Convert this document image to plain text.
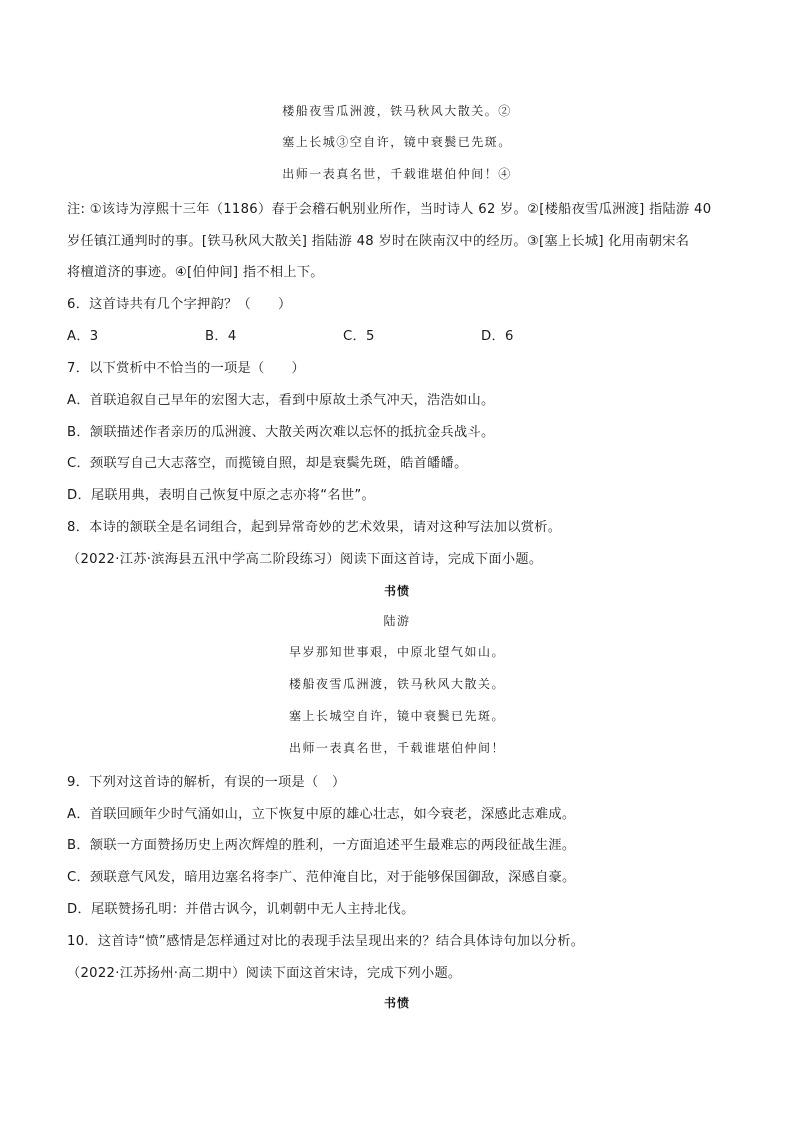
楼船夜雪瓜洲渡，铁马秋风大散关。②
塞上长城③空自许，镜中衰鬓已先斑。
出师一表真名世，千载谁堪伯仲间！④
注: ①该诗为淳熙十三年（1186）春于会稽石帆别业所作，当时诗人 62 岁。②[楼船夜雪瓜洲渡] 指陆游 40
岁任镇江通判时的事。[铁马秋风大散关] 指陆游 48 岁时在陕南汉中的经历。③[塞上长城] 化用南朝宋名
将檀道济的事迹。④[伯仲间] 指不相上下。
6．这首诗共有几个字押韵？（　　）
A．3	B．4	C．5	D．6
7．以下赏析中不恰当的一项是（　　）
A．首联追叙自己早年的宏图大志，看到中原故土杀气冲天，浩浩如山。
B．颔联描述作者亲历的瓜洲渡、大散关两次难以忘怀的抵抗金兵战斗。
C．颈联写自己大志落空，而揽镜自照，却是衰鬓先斑，皓首皤皤。
D．尾联用典，表明自己恢复中原之志亦将“名世”。
8．本诗的颔联全是名词组合，起到异常奇妙的艺术效果，请对这种写法加以赏析。
（2022·江苏·滨海县五汛中学高二阶段练习）阅读下面这首诗，完成下面小题。
书愤
陆游
早岁那知世事艰，中原北望气如山。
楼船夜雪瓜洲渡，铁马秋风大散关。
塞上长城空自许，镜中衰鬓已先斑。
出师一表真名世，千载谁堪伯仲间！
9．下列对这首诗的解析，有误的一项是（　）
A．首联回顾年少时气涌如山，立下恢复中原的雄心壮志，如今衰老，深感此志难成。
B．颔联一方面赞扬历史上两次辉煌的胜利，一方面追述平生最难忘的两段征战生涯。
C．颈联意气风发，暗用边塞名将李广、范仲淹自比，对于能够保国御敌，深感自豪。
D．尾联赞扬孔明：并借古讽今，讥刺朝中无人主持北伐。
10．这首诗“愤”感情是怎样通过对比的表现手法呈现出来的？结合具体诗句加以分析。
（2022·江苏扬州·高二期中）阅读下面这首宋诗，完成下列小题。
书愤
